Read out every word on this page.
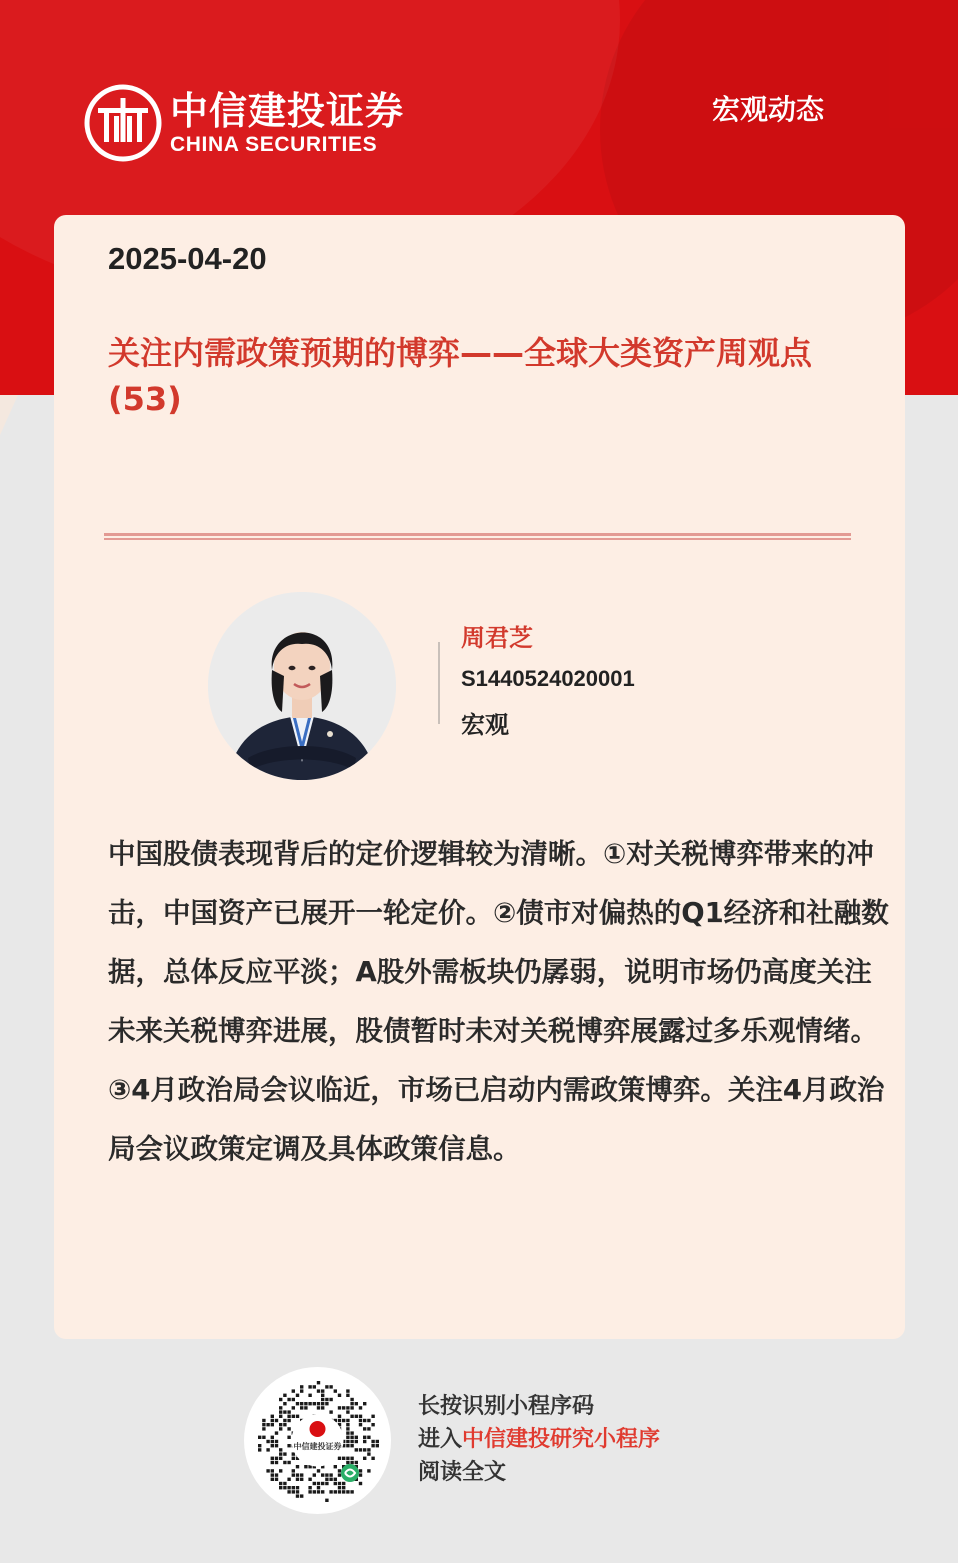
中信建投证券
CHINA SECURITIES
宏观动态
2025-04-20
关注内需政策预期的博弈——全球大类资产周观点(53)
周君芝
S1440524020001
宏观
中国股债表现背后的定价逻辑较为清晰。①对关税博弈带来的冲击，中国资产已展开一轮定价。②债市对偏热的Q1经济和社融数据，总体反应平淡；A股外需板块仍孱弱，说明市场仍高度关注未来关税博弈进展，股债暂时未对关税博弈展露过多乐观情绪。③4月政治局会议临近，市场已启动内需政策博弈。关注4月政治局会议政策定调及具体政策信息。
中信建投证券
长按识别小程序码
进入中信建投研究小程序
阅读全文
